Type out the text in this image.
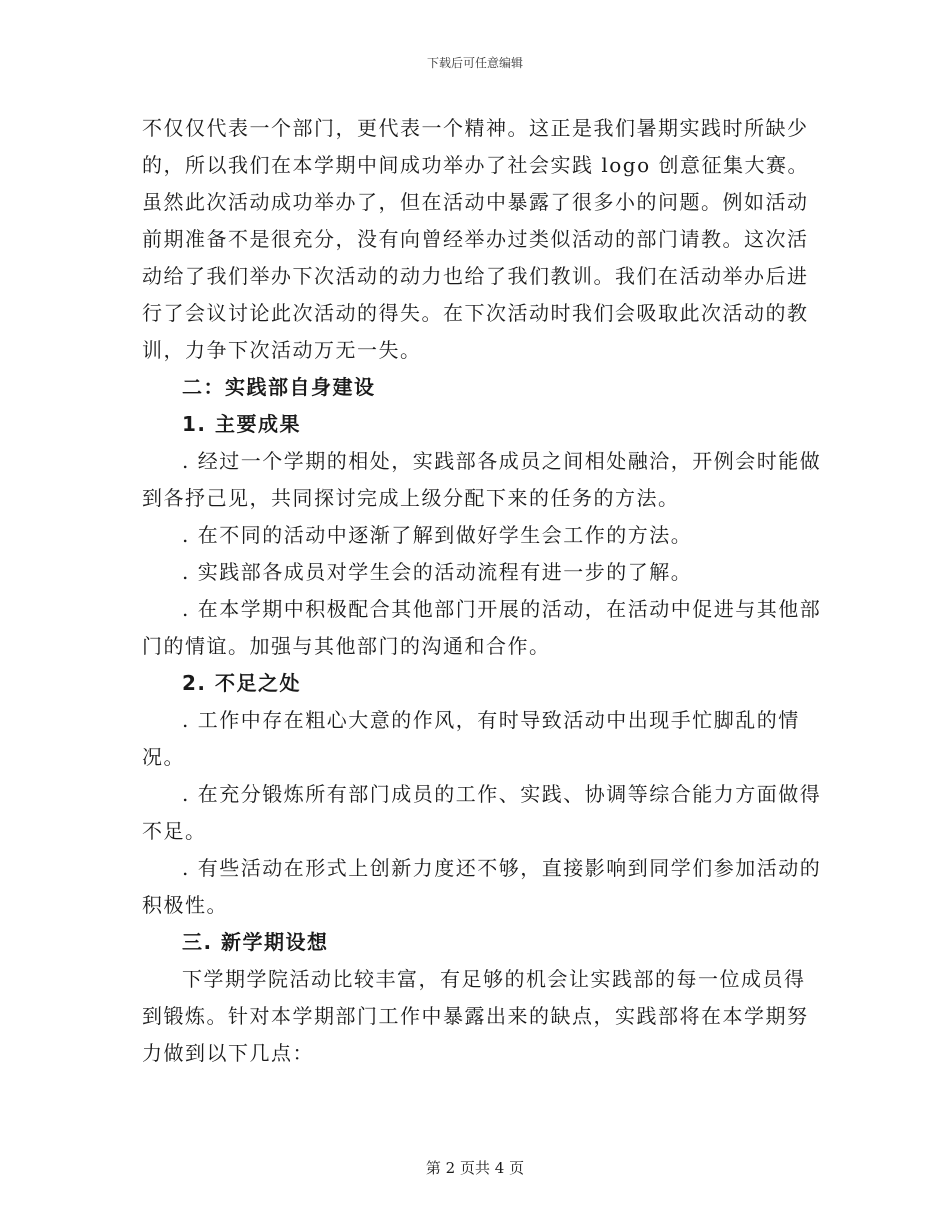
下载后可任意编辑

不仅仅代表一个部门，更代表一个精神。这正是我们暑期实践时所缺少的，所以我们在本学期中间成功举办了社会实践 logo 创意征集大赛。虽然此次活动成功举办了，但在活动中暴露了很多小的问题。例如活动前期准备不是很充分，没有向曾经举办过类似活动的部门请教。这次活动给了我们举办下次活动的动力也给了我们教训。我们在活动举办后进行了会议讨论此次活动的得失。在下次活动时我们会吸取此次活动的教训，力争下次活动万无一失。

二：实践部自身建设

1. 主要成果

. 经过一个学期的相处，实践部各成员之间相处融洽，开例会时能做到各抒己见，共同探讨完成上级分配下来的任务的方法。

. 在不同的活动中逐渐了解到做好学生会工作的方法。

. 实践部各成员对学生会的活动流程有进一步的了解。

. 在本学期中积极配合其他部门开展的活动，在活动中促进与其他部门的情谊。加强与其他部门的沟通和合作。

2. 不足之处

. 工作中存在粗心大意的作风，有时导致活动中出现手忙脚乱的情况。

. 在充分锻炼所有部门成员的工作、实践、协调等综合能力方面做得不足。

. 有些活动在形式上创新力度还不够，直接影响到同学们参加活动的积极性。

三. 新学期设想

下学期学院活动比较丰富，有足够的机会让实践部的每一位成员得到锻炼。针对本学期部门工作中暴露出来的缺点，实践部将在本学期努力做到以下几点：

第 2 页共 4 页
